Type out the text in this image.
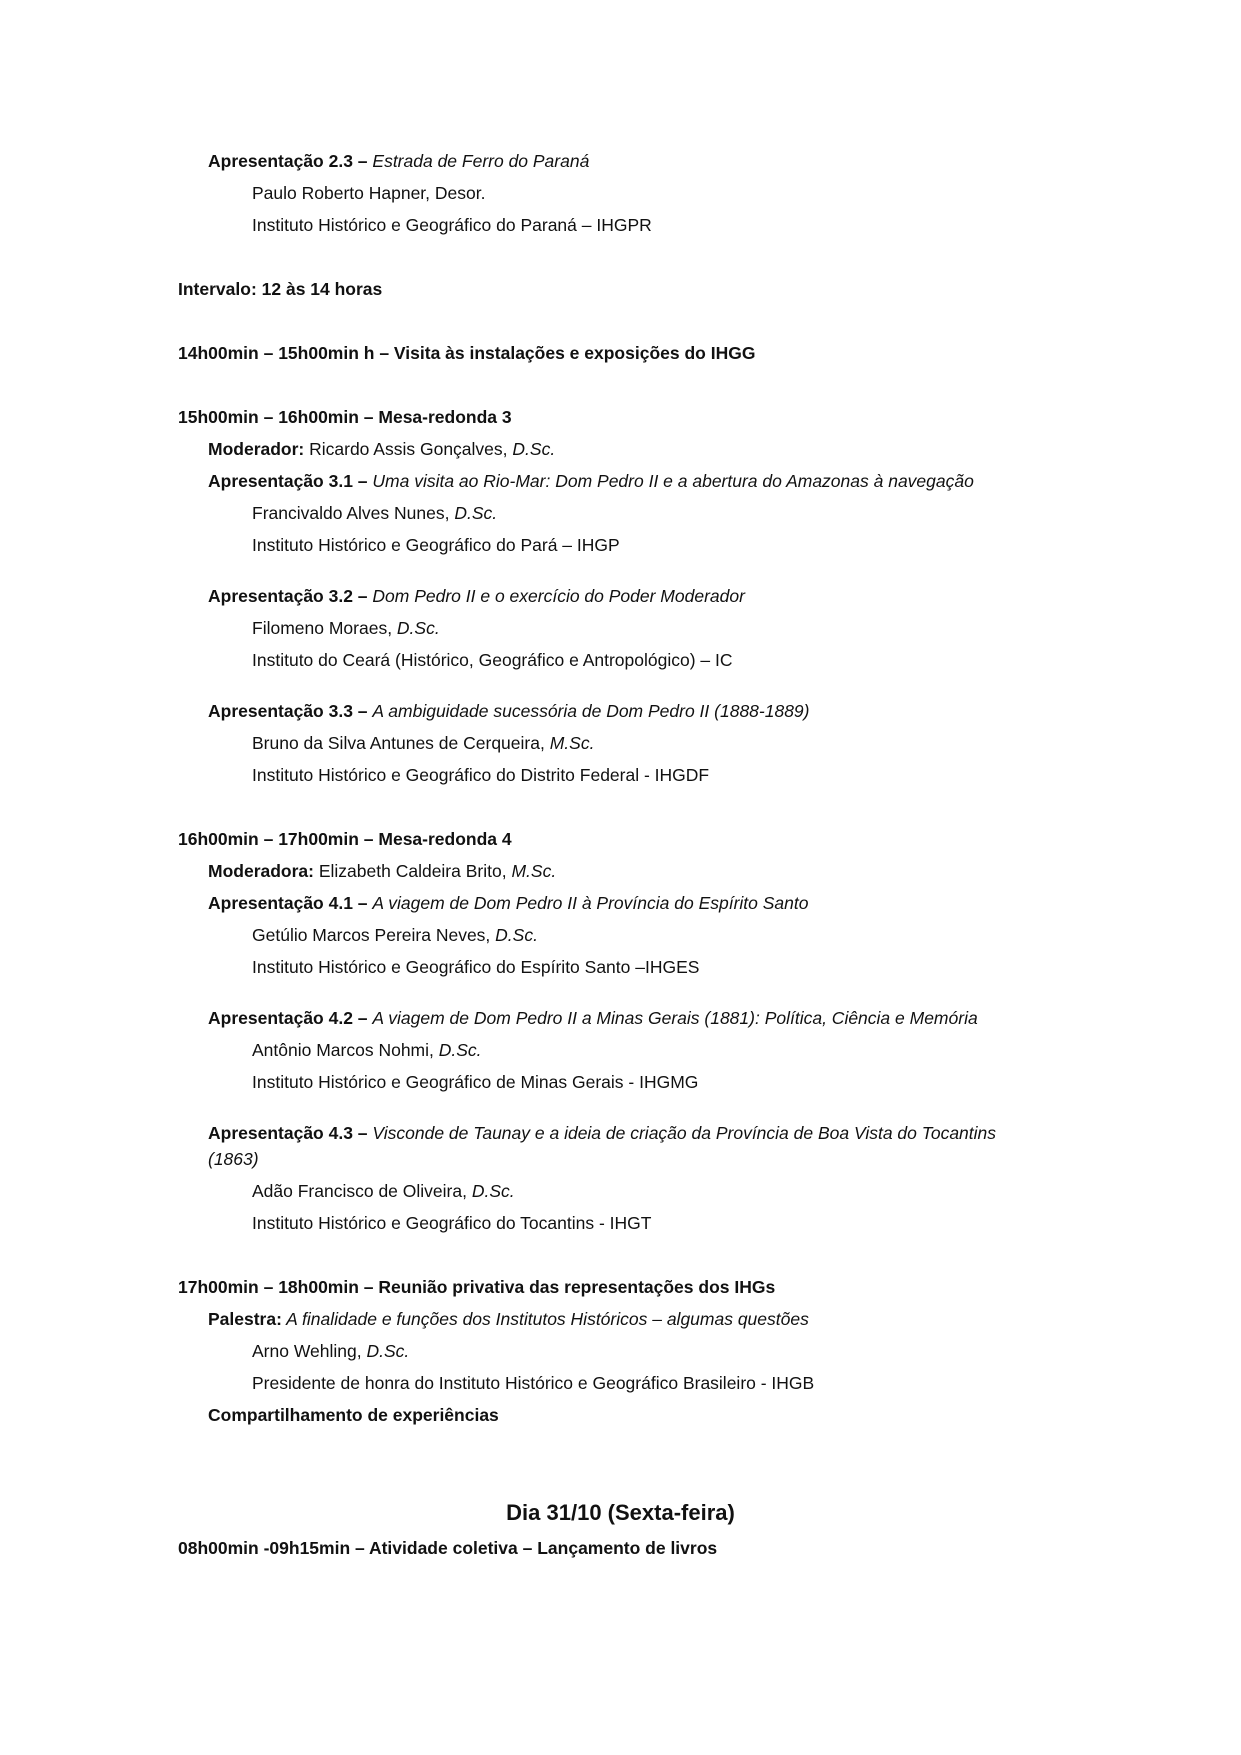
Apresentação 2.3 – Estrada de Ferro do Paraná
Paulo Roberto Hapner, Desor.
Instituto Histórico e Geográfico do Paraná – IHGPR
Intervalo: 12 às 14 horas
14h00min – 15h00min h – Visita às instalações e exposições do IHGG
15h00min – 16h00min – Mesa-redonda 3
Moderador: Ricardo Assis Gonçalves, D.Sc.
Apresentação 3.1 – Uma visita ao Rio-Mar: Dom Pedro II e a abertura do Amazonas à navegação
Francivaldo Alves Nunes, D.Sc.
Instituto Histórico e Geográfico do Pará – IHGP
Apresentação 3.2 – Dom Pedro II e o exercício do Poder Moderador
Filomeno Moraes, D.Sc.
Instituto do Ceará (Histórico, Geográfico e Antropológico) – IC
Apresentação 3.3 – A ambiguidade sucessória de Dom Pedro II (1888-1889)
Bruno da Silva Antunes de Cerqueira, M.Sc.
Instituto Histórico e Geográfico do Distrito Federal - IHGDF
16h00min – 17h00min – Mesa-redonda 4
Moderadora: Elizabeth Caldeira Brito, M.Sc.
Apresentação 4.1 – A viagem de Dom Pedro II à Província do Espírito Santo
Getúlio Marcos Pereira Neves, D.Sc.
Instituto Histórico e Geográfico do Espírito Santo –IHGES
Apresentação 4.2 – A viagem de Dom Pedro II a Minas Gerais (1881): Política, Ciência e Memória
Antônio Marcos Nohmi, D.Sc.
Instituto Histórico e Geográfico de Minas Gerais - IHGMG
Apresentação 4.3 – Visconde de Taunay e a ideia de criação da Província de Boa Vista do Tocantins
(1863)
Adão Francisco de Oliveira, D.Sc.
Instituto Histórico e Geográfico do Tocantins - IHGT
17h00min – 18h00min – Reunião privativa das representações dos IHGs
Palestra: A finalidade e funções dos Institutos Históricos – algumas questões
Arno Wehling, D.Sc.
Presidente de honra do Instituto Histórico e Geográfico Brasileiro - IHGB
Compartilhamento de experiências
Dia 31/10 (Sexta-feira)
08h00min -09h15min – Atividade coletiva – Lançamento de livros
